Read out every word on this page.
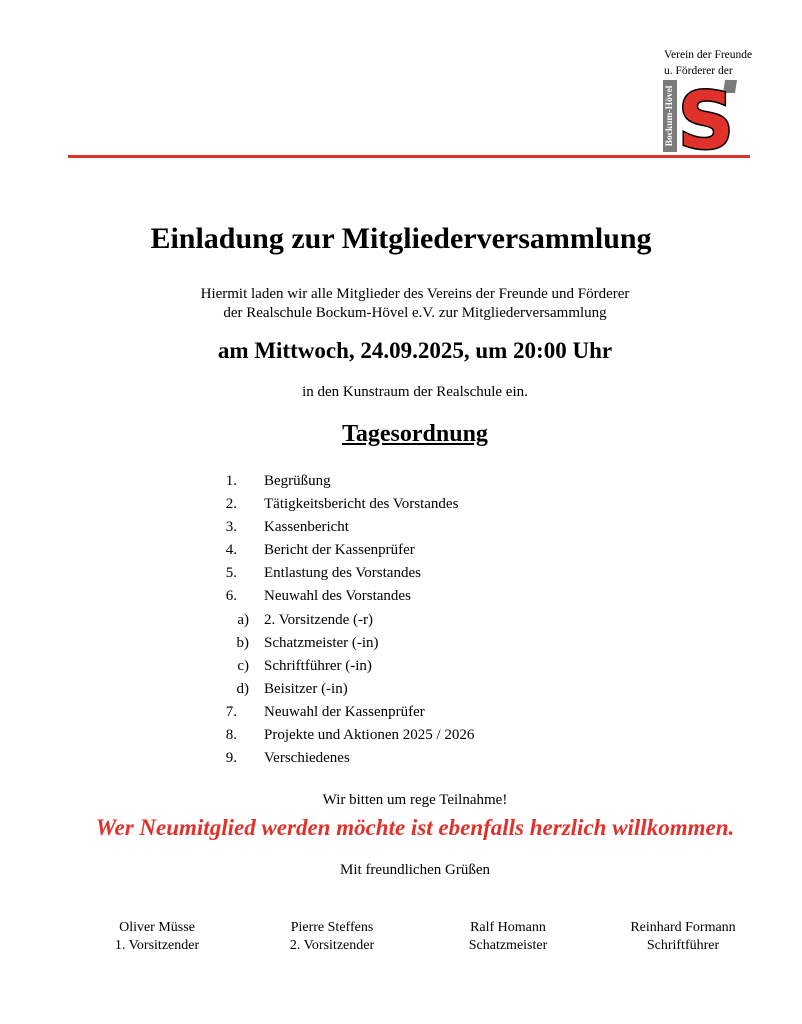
Verein der Freunde
u. Förderer der
Bockum-Hövel S
Einladung zur Mitgliederversammlung
Hiermit laden wir alle Mitglieder des Vereins der Freunde und Förderer
der Realschule Bockum-Hövel e.V. zur Mitgliederversammlung
am Mittwoch, 24.09.2025, um 20:00 Uhr
in den Kunstraum der Realschule ein.
Tagesordnung
1. Begrüßung
2. Tätigkeitsbericht des Vorstandes
3. Kassenbericht
4. Bericht der Kassenprüfer
5. Entlastung des Vorstandes
6. Neuwahl des Vorstandes
a) 2. Vorsitzende (-r)
b) Schatzmeister (-in)
c) Schriftführer (-in)
d) Beisitzer (-in)
7. Neuwahl der Kassenprüfer
8. Projekte und Aktionen 2025 / 2026
9. Verschiedenes
Wir bitten um rege Teilnahme!
Wer Neumitglied werden möchte ist ebenfalls herzlich willkommen.
Mit freundlichen Grüßen
Oliver Müsse
1. Vorsitzender
Pierre Steffens
2. Vorsitzender
Ralf Homann
Schatzmeister
Reinhard Formann
Schriftführer
